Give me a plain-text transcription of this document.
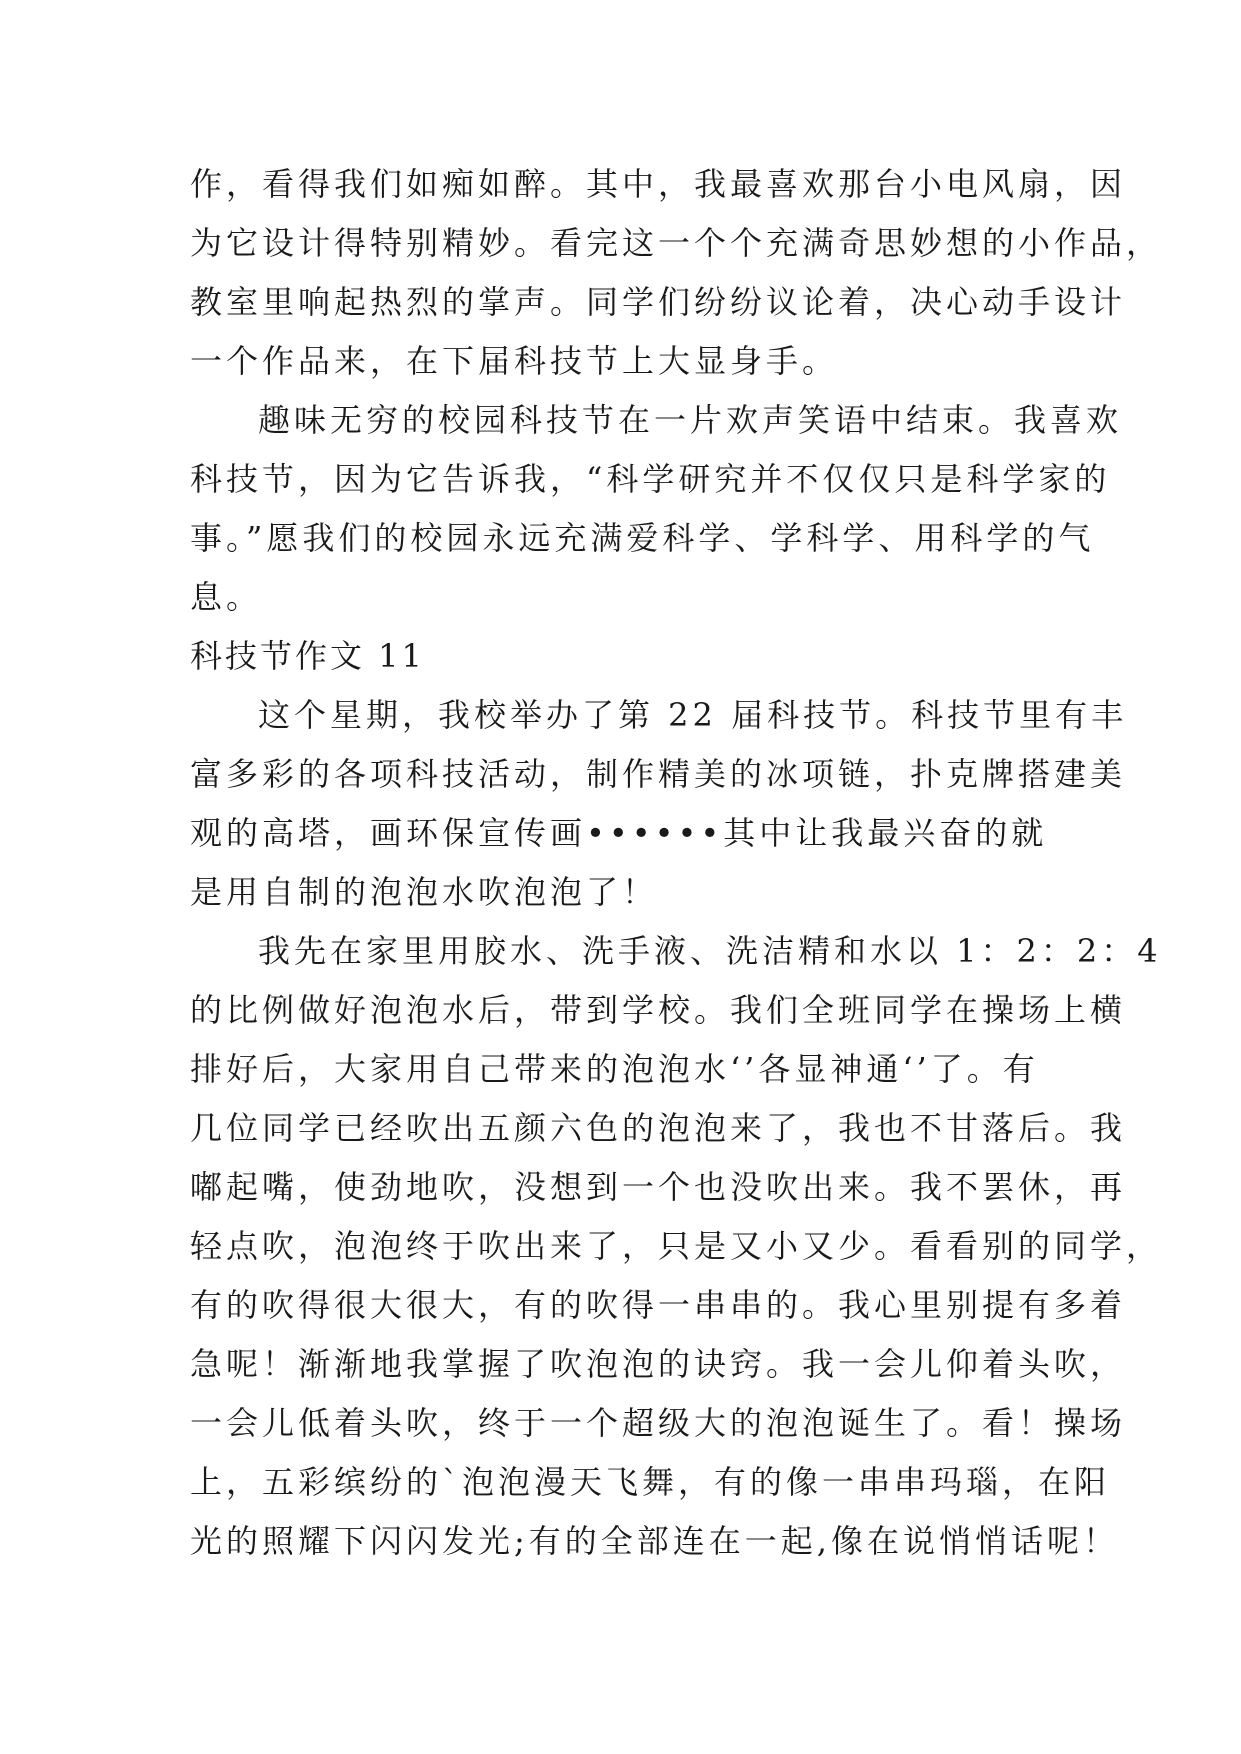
作，看得我们如痴如醉。其中，我最喜欢那台小电风扇，因
为它设计得特别精妙。看完这一个个充满奇思妙想的小作品，
教室里响起热烈的掌声。同学们纷纷议论着，决心动手设计
一个作品来，在下届科技节上大显身手。
趣味无穷的校园科技节在一片欢声笑语中结束。我喜欢
科技节，因为它告诉我，“科学研究并不仅仅只是科学家的
事。”愿我们的校园永远充满爱科学、学科学、用科学的气
息。
科技节作文 11
这个星期，我校举办了第 22 届科技节。科技节里有丰
富多彩的各项科技活动，制作精美的冰项链，扑克牌搭建美
观的高塔，画环保宣传画••••••其中让我最兴奋的就
是用自制的泡泡水吹泡泡了！
我先在家里用胶水、洗手液、洗洁精和水以 1：2：2：4
的比例做好泡泡水后，带到学校。我们全班同学在操场上横
排好后，大家用自己带来的泡泡水‘’各显神通‘’了。有
几位同学已经吹出五颜六色的泡泡来了，我也不甘落后。我
嘟起嘴，使劲地吹，没想到一个也没吹出来。我不罢休，再
轻点吹，泡泡终于吹出来了，只是又小又少。看看别的同学，
有的吹得很大很大，有的吹得一串串的。我心里别提有多着
急呢！渐渐地我掌握了吹泡泡的诀窍。我一会儿仰着头吹，
一会儿低着头吹，终于一个超级大的泡泡诞生了。看！操场
上，五彩缤纷的`泡泡漫天飞舞，有的像一串串玛瑙，在阳
光的照耀下闪闪发光;有的全部连在一起,像在说悄悄话呢！
